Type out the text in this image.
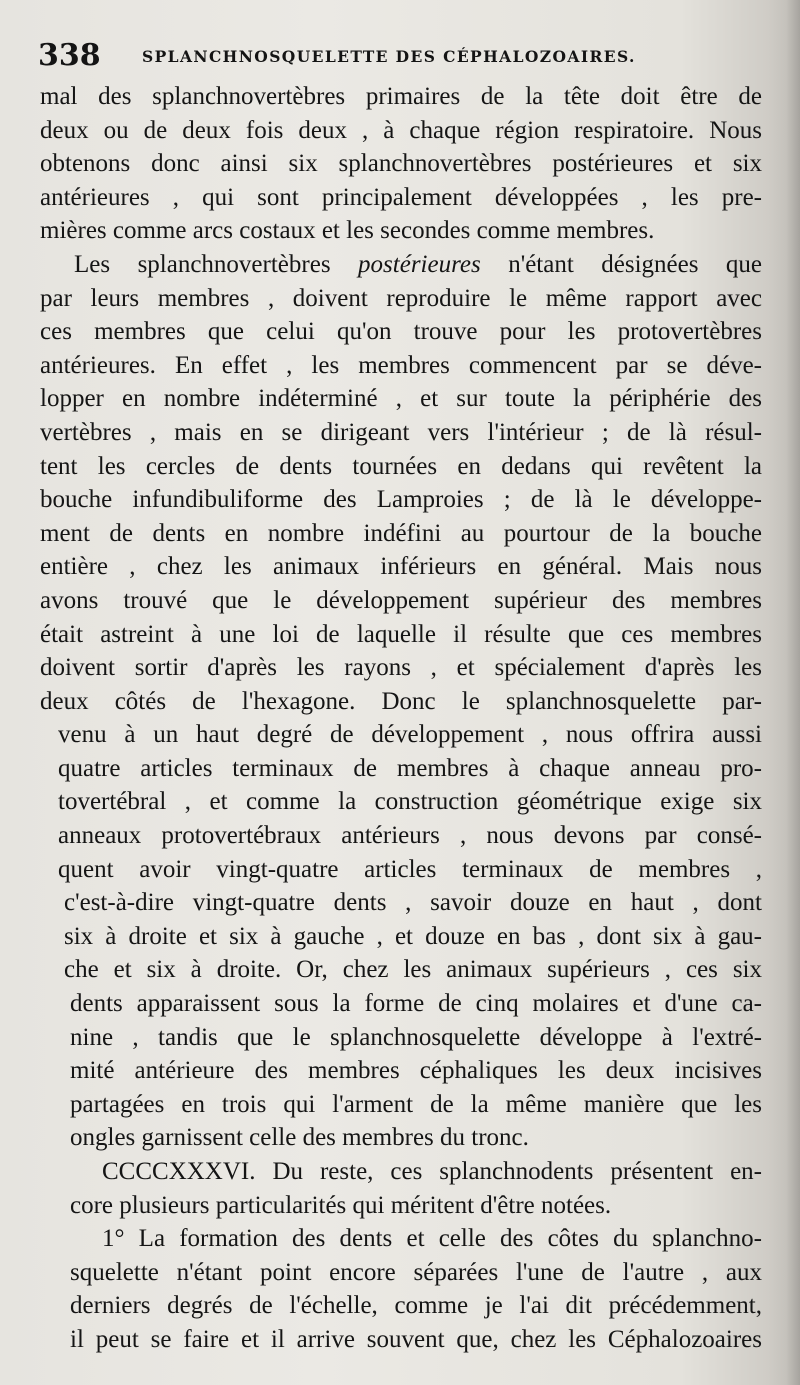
338	SPLANCHNOSQUELETTE DES CÉPHALOZOAIRES.
mal des splanchnovertèbres primaires de la tête doit être de
deux ou de deux fois deux , à chaque région respiratoire. Nous
obtenons donc ainsi six splanchnovertèbres postérieures et six
antérieures , qui sont principalement développées , les pre-
mières comme arcs costaux et les secondes comme membres.
Les splanchnovertèbres postérieures n'étant désignées que
par leurs membres , doivent reproduire le même rapport avec
ces membres que celui qu'on trouve pour les protovertèbres
antérieures. En effet , les membres commencent par se déve-
lopper en nombre indéterminé , et sur toute la périphérie des
vertèbres , mais en se dirigeant vers l'intérieur ; de là résul-
tent les cercles de dents tournées en dedans qui revêtent la
bouche infundibuliforme des Lamproies ; de là le développe-
ment de dents en nombre indéfini au pourtour de la bouche
entière , chez les animaux inférieurs en général. Mais nous
avons trouvé que le développement supérieur des membres
était astreint à une loi de laquelle il résulte que ces membres
doivent sortir d'après les rayons , et spécialement d'après les
deux côtés de l'hexagone. Donc le splanchnosquelette par-
venu à un haut degré de développement , nous offrira aussi
quatre articles terminaux de membres à chaque anneau pro-
tovertébral , et comme la construction géométrique exige six
anneaux protovertébraux antérieurs , nous devons par consé-
quent avoir vingt-quatre articles terminaux de membres ,
c'est-à-dire vingt-quatre dents , savoir douze en haut , dont
six à droite et six à gauche , et douze en bas , dont six à gau-
che et six à droite. Or, chez les animaux supérieurs , ces six
dents apparaissent sous la forme de cinq molaires et d'une ca-
nine , tandis que le splanchnosquelette développe à l'extré-
mité antérieure des membres céphaliques les deux incisives
partagées en trois qui l'arment de la même manière que les
ongles garnissent celle des membres du tronc.
CCCCXXXVI. Du reste, ces splanchnodents présentent en-
core plusieurs particularités qui méritent d'être notées.
1° La formation des dents et celle des côtes du splanchno-
squelette n'étant point encore séparées l'une de l'autre , aux
derniers degrés de l'échelle, comme je l'ai dit précédemment,
il peut se faire et il arrive souvent que, chez les Céphalozoaires
